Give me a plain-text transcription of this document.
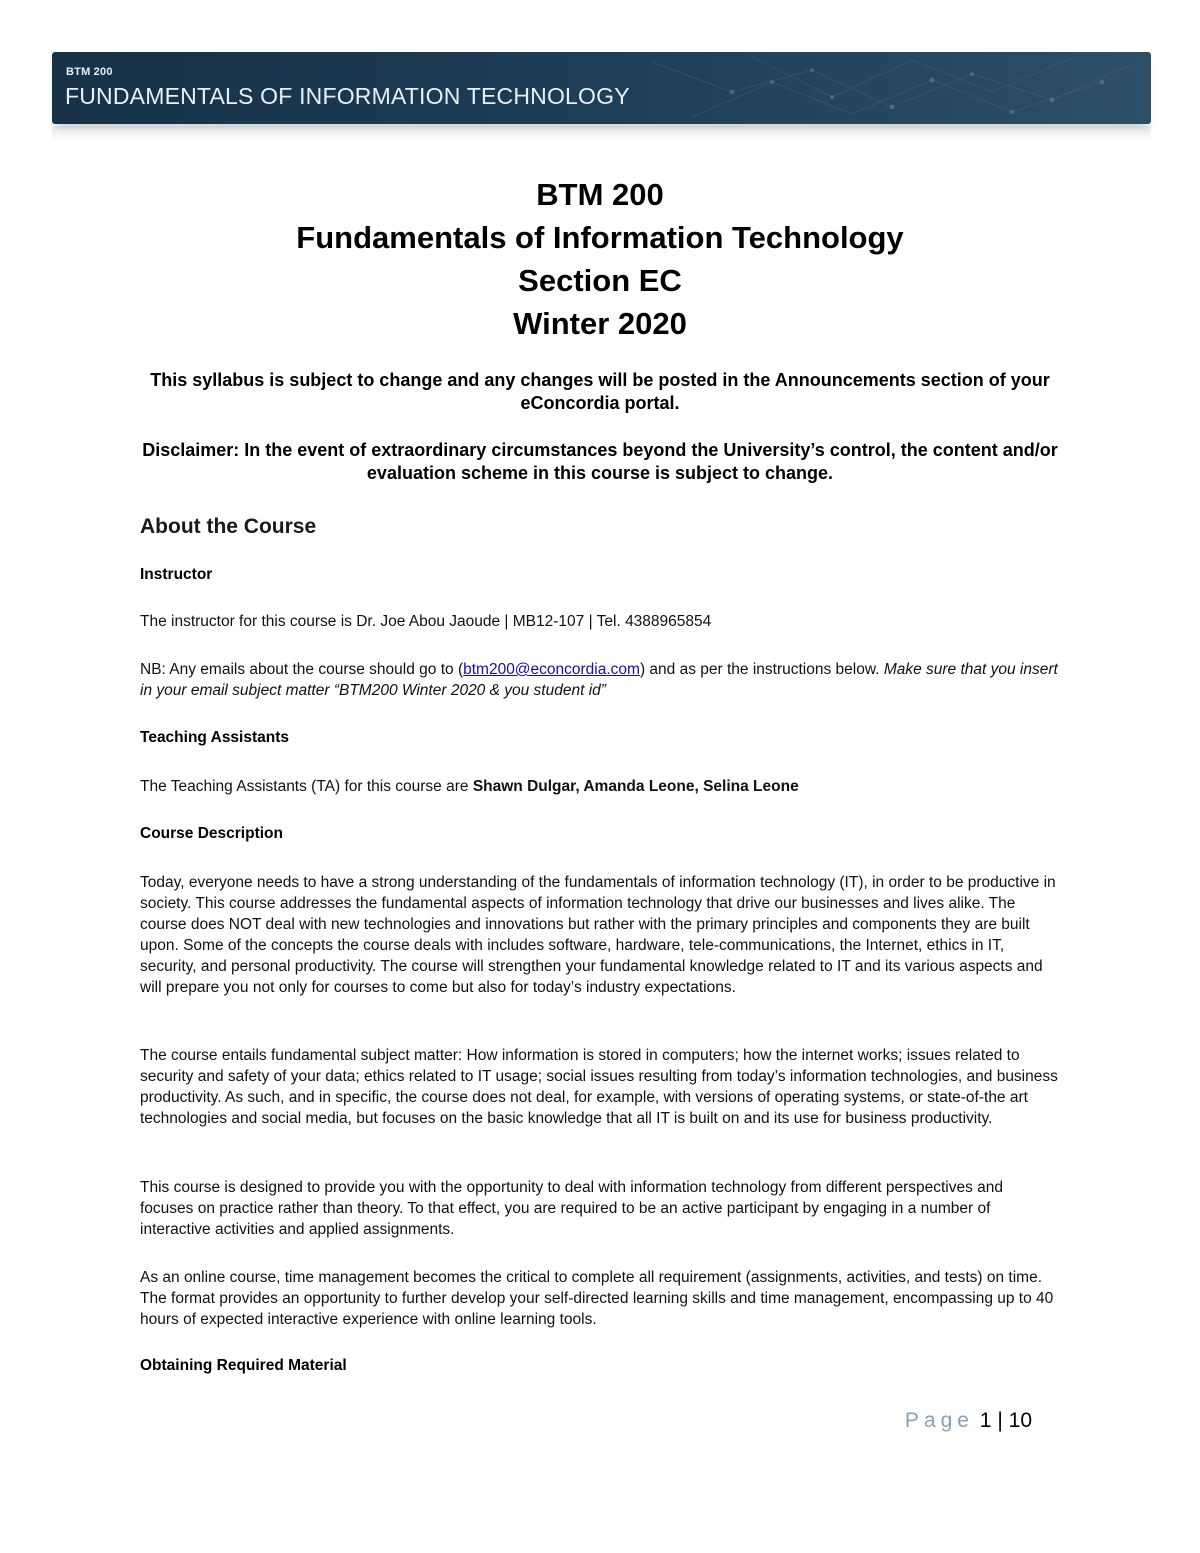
BTM 200
FUNDAMENTALS OF INFORMATION TECHNOLOGY
BTM 200
Fundamentals of Information Technology
Section EC
Winter 2020
This syllabus is subject to change and any changes will be posted in the Announcements section of your eConcordia portal.
Disclaimer: In the event of extraordinary circumstances beyond the University’s control, the content and/or evaluation scheme in this course is subject to change.
About the Course
Instructor
The instructor for this course is Dr. Joe Abou Jaoude | MB12-107 | Tel. 4388965854
NB: Any emails about the course should go to (btm200@econcordia.com) and as per the instructions below. Make sure that you insert in your email subject matter “BTM200 Winter 2020 & you student id”
Teaching Assistants
The Teaching Assistants (TA) for this course are Shawn Dulgar, Amanda Leone, Selina Leone
Course Description
Today, everyone needs to have a strong understanding of the fundamentals of information technology (IT), in order to be productive in society. This course addresses the fundamental aspects of information technology that drive our businesses and lives alike. The course does NOT deal with new technologies and innovations but rather with the primary principles and components they are built upon. Some of the concepts the course deals with includes software, hardware, tele-communications, the Internet, ethics in IT, security, and personal productivity. The course will strengthen your fundamental knowledge related to IT and its various aspects and will prepare you not only for courses to come but also for today’s industry expectations.
The course entails fundamental subject matter: How information is stored in computers; how the internet works; issues related to security and safety of your data; ethics related to IT usage; social issues resulting from today’s information technologies, and business productivity. As such, and in specific, the course does not deal, for example, with versions of operating systems, or state-of-the art technologies and social media, but focuses on the basic knowledge that all IT is built on and its use for business productivity.
This course is designed to provide you with the opportunity to deal with information technology from different perspectives and focuses on practice rather than theory. To that effect, you are required to be an active participant by engaging in a number of interactive activities and applied assignments.
As an online course, time management becomes the critical to complete all requirement (assignments, activities, and tests) on time. The format provides an opportunity to further develop your self-directed learning skills and time management, encompassing up to 40 hours of expected interactive experience with online learning tools.
Obtaining Required Material
Page 1 | 10
